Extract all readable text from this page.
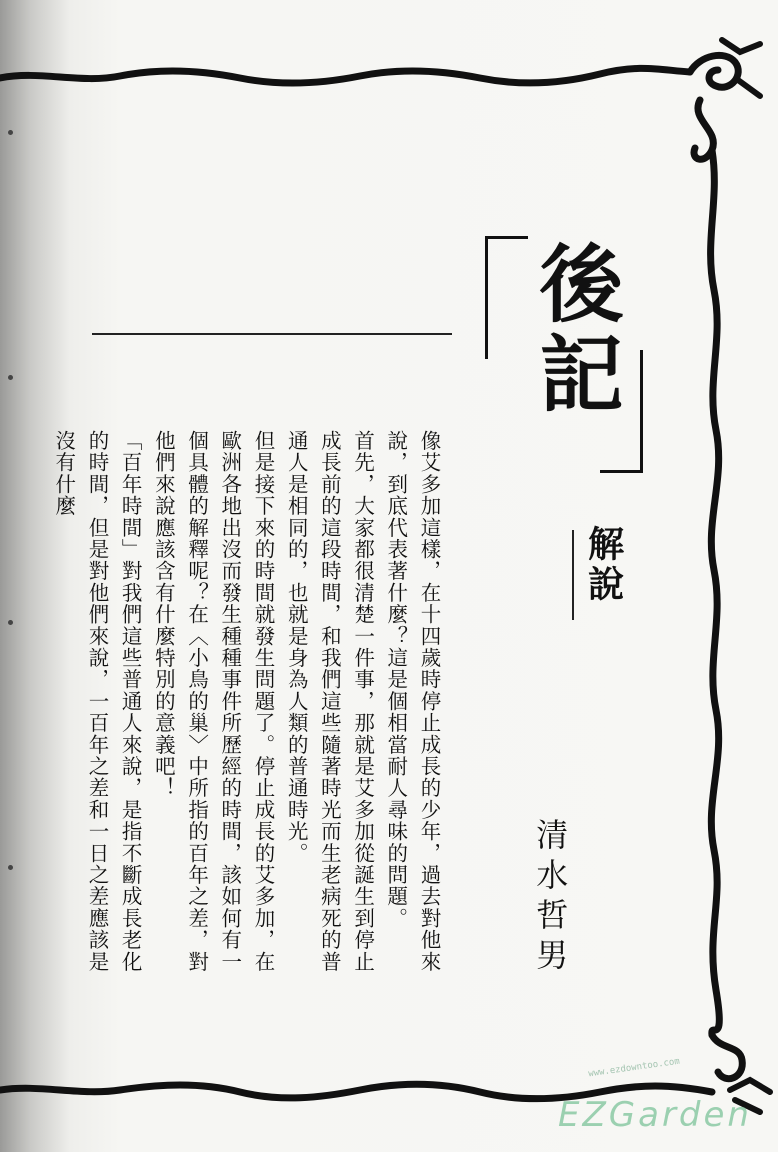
後記
解說
清水哲男

像艾多加這樣，在十四歲時停止成長的少年，過去對他來說，到底代表著什麼？這是個相當耐人尋味的問題。

首先，大家都很清楚一件事，那就是艾多加從誕生到停止成長前的這段時間，和我們這些隨著時光而生老病死的普通人是相同的，也就是身為人類的普通時光。

但是接下來的時間就發生問題了。停止成長的艾多加，在歐洲各地出沒而發生種種事件所歷經的時間，該如何有一個具體的解釋呢？在〈小鳥的巢〉中所指的百年之差，對他們來說應該含有什麼特別的意義吧！

「百年時間」對我們這些普通人來說，是指不斷成長老化的時間，但是對他們來說，一百年之差和一日之差應該是沒有什麼

www.ezdowntoo.com
EZGarden
